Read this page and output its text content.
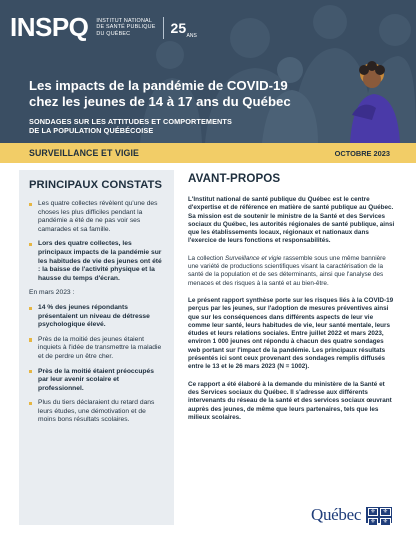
INSPQ INSTITUT NATIONAL
DE SANTÉ PUBLIQUE
DU QUÉBEC	25 ANS
Les impacts de la pandémie de COVID-19
chez les jeunes de 14 à 17 ans du Québec
SONDAGES SUR LES ATTITUDES ET COMPORTEMENTS
DE LA POPULATION QUÉBÉCOISE
SURVEILLANCE ET VIGIE	OCTOBRE 2023
PRINCIPAUX CONSTATS
Les quatre collectes révèlent qu'une des choses les plus difficiles pendant la pandémie a été de ne pas voir ses camarades et sa famille.
Lors des quatre collectes, les principaux impacts de la pandémie sur les habitudes de vie des jeunes ont été : la baisse de l'activité physique et la hausse du temps d'écran.
En mars 2023 :
14 % des jeunes répondants présentaient un niveau de détresse psychologique élevé.
Près de la moitié des jeunes étaient inquiets à l'idée de transmettre la maladie et de perdre un être cher.
Près de la moitié étaient préoccupés par leur avenir scolaire et professionnel.
Plus du tiers déclaraient du retard dans leurs études, une démotivation et de moins bons résultats scolaires.
AVANT-PROPOS

L'Institut national de santé publique du Québec est le centre d'expertise et de référence en matière de santé publique au Québec. Sa mission est de soutenir le ministre de la Santé et des Services sociaux du Québec, les autorités régionales de santé publique, ainsi que les établissements locaux, régionaux et nationaux dans l'exercice de leurs fonctions et responsabilités.

La collection Surveillance et vigie rassemble sous une même bannière une variété de productions scientifiques visant la caractérisation de la santé de la population et de ses déterminants, ainsi que l'analyse des menaces et des risques à la santé et au bien-être.

Le présent rapport synthèse porte sur les risques liés à la COVID-19 perçus par les jeunes, sur l'adoption de mesures préventives ainsi que sur les conséquences dans différents aspects de leur vie comme leur santé, leurs habitudes de vie, leur santé mentale, leurs études et leurs relations sociales. Entre juillet 2022 et mars 2023, environ 1 000 jeunes ont répondu à chacun des quatre sondages web portant sur l'impact de la pandémie. Les principaux résultats présentés ici sont ceux provenant des sondages remplis diffusés entre le 13 et le 26 mars 2023 (N = 1002).

Ce rapport a été élaboré à la demande du ministère de la Santé et des Services sociaux du Québec. Il s'adresse aux différents intervenants du réseau de la santé et des services sociaux œuvrant auprès des jeunes, de même que leurs partenaires, tels que les milieux scolaires.

Québec	⚜	⚜
⚜	⚜
